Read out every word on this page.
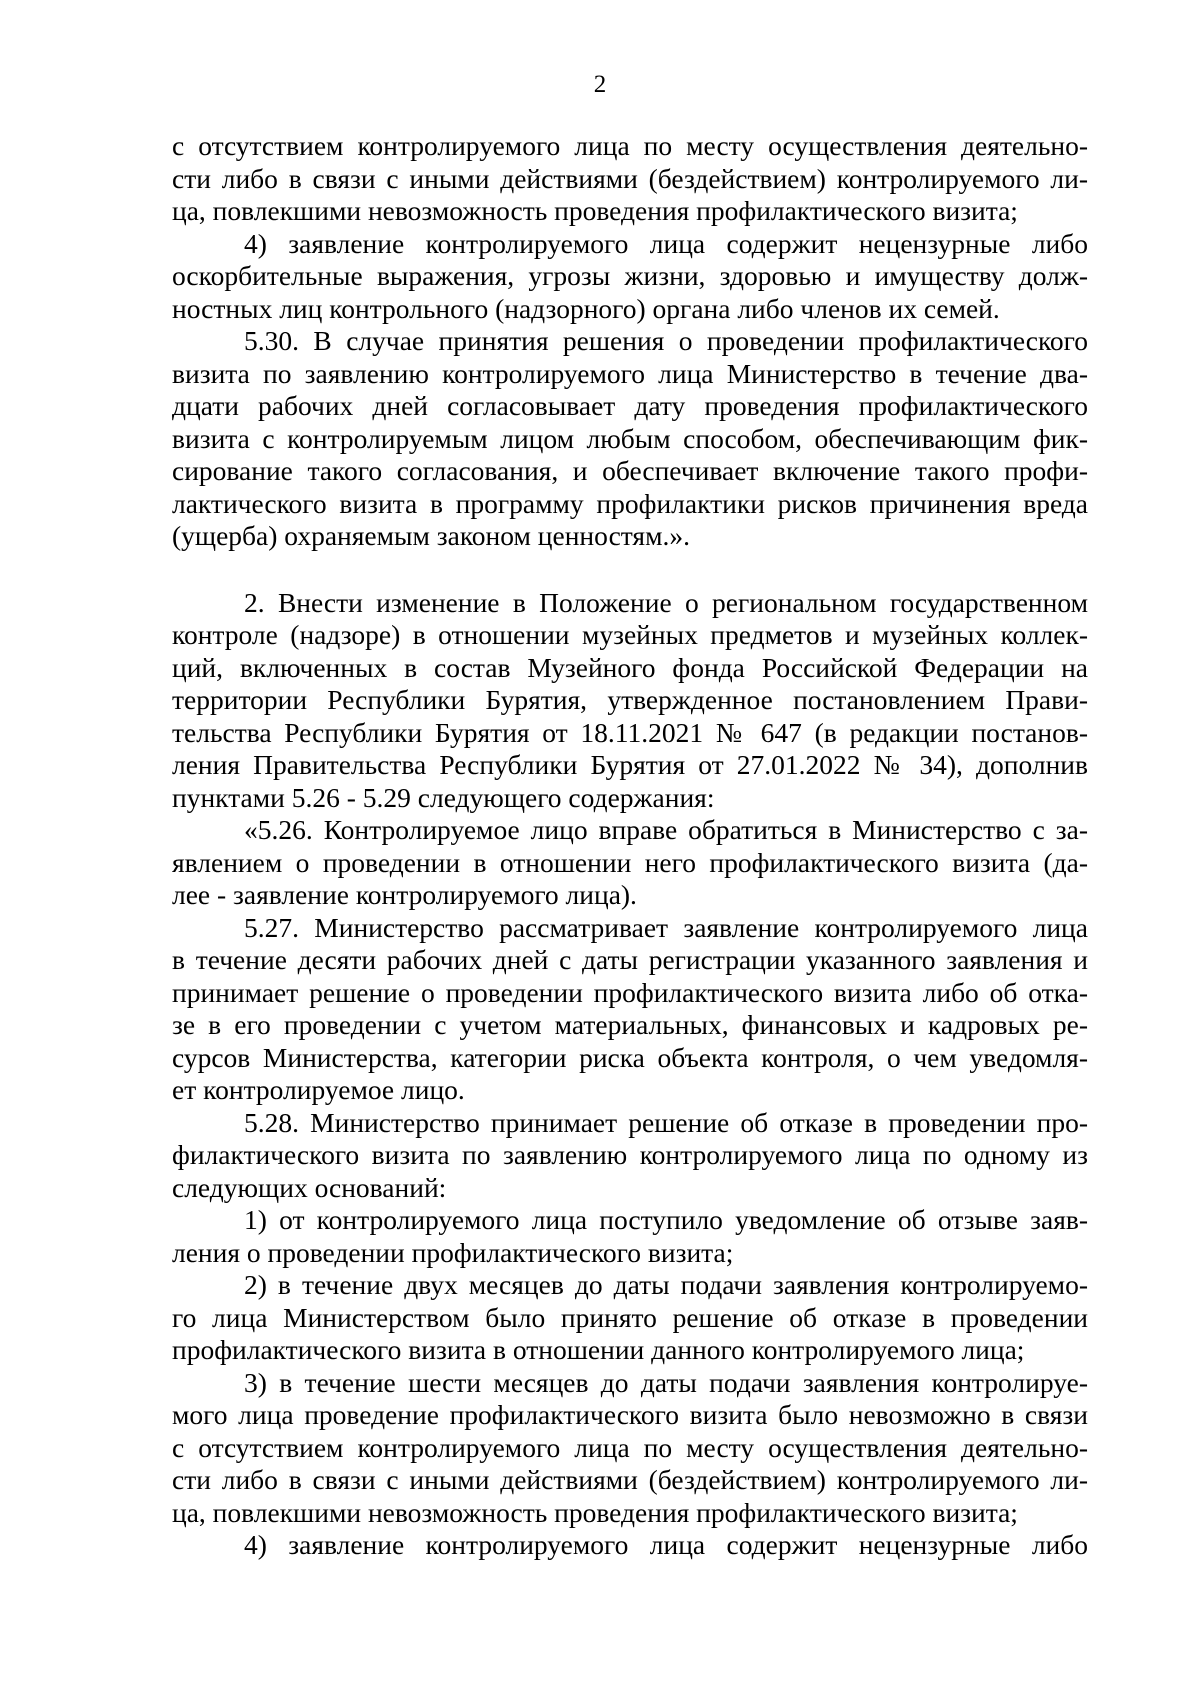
2
с отсутствием контролируемого лица по месту осуществления деятельно-
сти либо в связи с иными действиями (бездействием) контролируемого ли-
ца, повлекшими невозможность проведения профилактического визита;
4) заявление контролируемого лица содержит нецензурные либо
оскорбительные выражения, угрозы жизни, здоровью и имуществу долж-
ностных лиц контрольного (надзорного) органа либо членов их семей.
5.30. В случае принятия решения о проведении профилактического
визита по заявлению контролируемого лица Министерство в течение два-
дцати рабочих дней согласовывает дату проведения профилактического
визита с контролируемым лицом любым способом, обеспечивающим фик-
сирование такого согласования, и обеспечивает включение такого профи-
лактического визита в программу профилактики рисков причинения вреда
(ущерба) охраняемым законом ценностям.».
2. Внести изменение в Положение о региональном государственном
контроле (надзоре) в отношении музейных предметов и музейных коллек-
ций, включенных в состав Музейного фонда Российской Федерации на
территории Республики Бурятия, утвержденное постановлением Прави-
тельства Республики Бурятия от 18.11.2021 № 647 (в редакции постанов-
ления Правительства Республики Бурятия от 27.01.2022 № 34), дополнив
пунктами 5.26 - 5.29 следующего содержания:
«5.26. Контролируемое лицо вправе обратиться в Министерство с за-
явлением о проведении в отношении него профилактического визита (да-
лее - заявление контролируемого лица).
5.27. Министерство рассматривает заявление контролируемого лица
в течение десяти рабочих дней с даты регистрации указанного заявления и
принимает решение о проведении профилактического визита либо об отка-
зе в его проведении с учетом материальных, финансовых и кадровых ре-
сурсов Министерства, категории риска объекта контроля, о чем уведомля-
ет контролируемое лицо.
5.28. Министерство принимает решение об отказе в проведении про-
филактического визита по заявлению контролируемого лица по одному из
следующих оснований:
1) от контролируемого лица поступило уведомление об отзыве заяв-
ления о проведении профилактического визита;
2) в течение двух месяцев до даты подачи заявления контролируемо-
го лица Министерством было принято решение об отказе в проведении
профилактического визита в отношении данного контролируемого лица;
3) в течение шести месяцев до даты подачи заявления контролируе-
мого лица проведение профилактического визита было невозможно в связи
с отсутствием контролируемого лица по месту осуществления деятельно-
сти либо в связи с иными действиями (бездействием) контролируемого ли-
ца, повлекшими невозможность проведения профилактического визита;
4) заявление контролируемого лица содержит нецензурные либо
